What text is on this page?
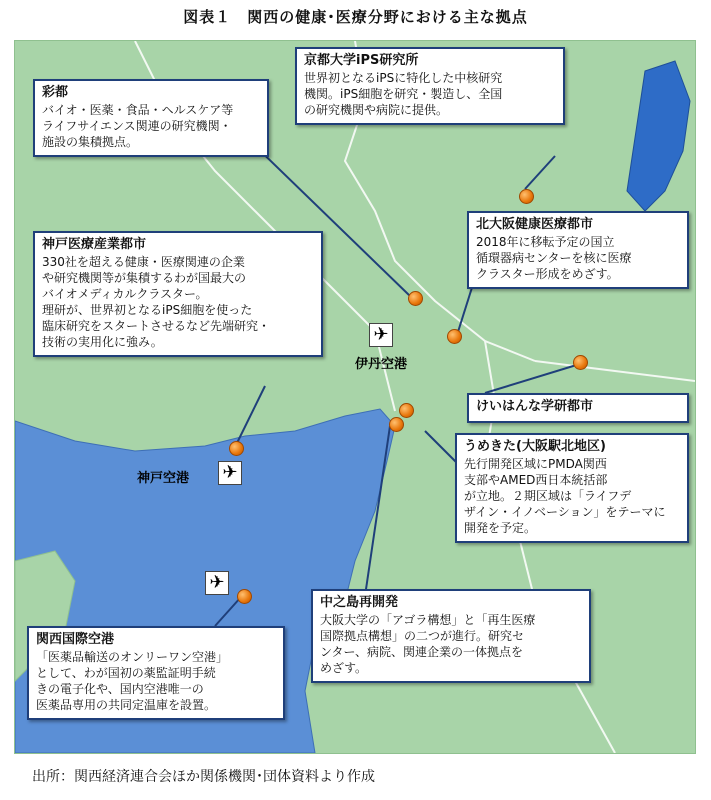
図表１　関西の健康･医療分野における主な拠点
✈
伊丹空港
✈
神戸空港
✈
彩都
バイオ・医薬・食品・ヘルスケア等
ライフサイエンス関連の研究機関・
施設の集積拠点。
京都大学iPS研究所
世界初となるiPSに特化した中核研究
機関。iPS細胞を研究・製造し、全国
の研究機関や病院に提供。
神戸医療産業都市
330社を超える健康・医療関連の企業
や研究機関等が集積するわが国最大の
バイオメディカルクラスター。
理研が、世界初となるiPS細胞を使った
臨床研究をスタートさせるなど先端研究・
技術の実用化に強み。
北大阪健康医療都市
2018年に移転予定の国立
循環器病センターを核に医療
クラスター形成をめざす。
けいはんな学研都市
うめきた(大阪駅北地区)
先行開発区域にPMDA関西
支部やAMED西日本統括部
が立地。２期区域は「ライフデ
ザイン・イノベーション」をテーマに
開発を予定。
中之島再開発
大阪大学の「アゴラ構想」と「再生医療
国際拠点構想」の二つが進行。研究セ
ンター、病院、関連企業の一体拠点を
めざす。
関西国際空港
「医薬品輸送のオンリーワン空港」
として、わが国初の薬監証明手続
きの電子化や、国内空港唯一の
医薬品専用の共同定温庫を設置。
出所：関西経済連合会ほか関係機関･団体資料より作成
